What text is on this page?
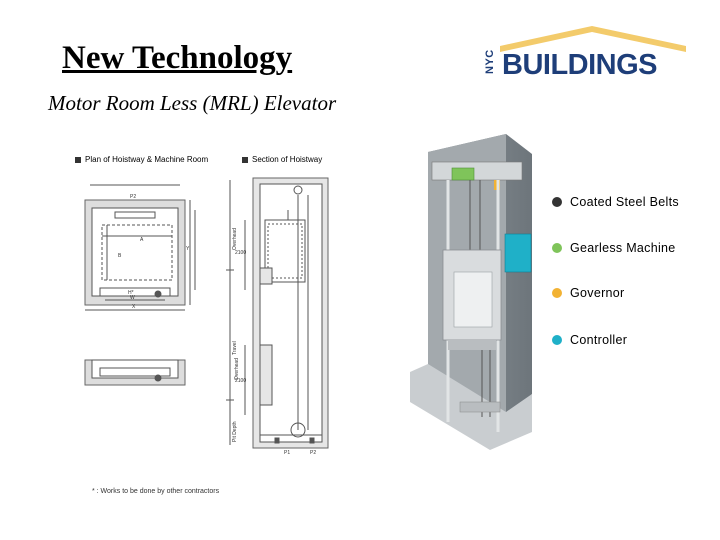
New Technology
Motor Room Less (MRL) Elevator
NYC BUILDINGS
Plan of Hoistway & Machine Room	Section of Hoistway
P2
A
B
H*
W
X
Y
Overhead
Overhead
Travel
Pit Depth
2100
2100
P1	P2
* : Works to be done by other contractors
Coated Steel Belts
Gearless Machine
Governor
Controller
